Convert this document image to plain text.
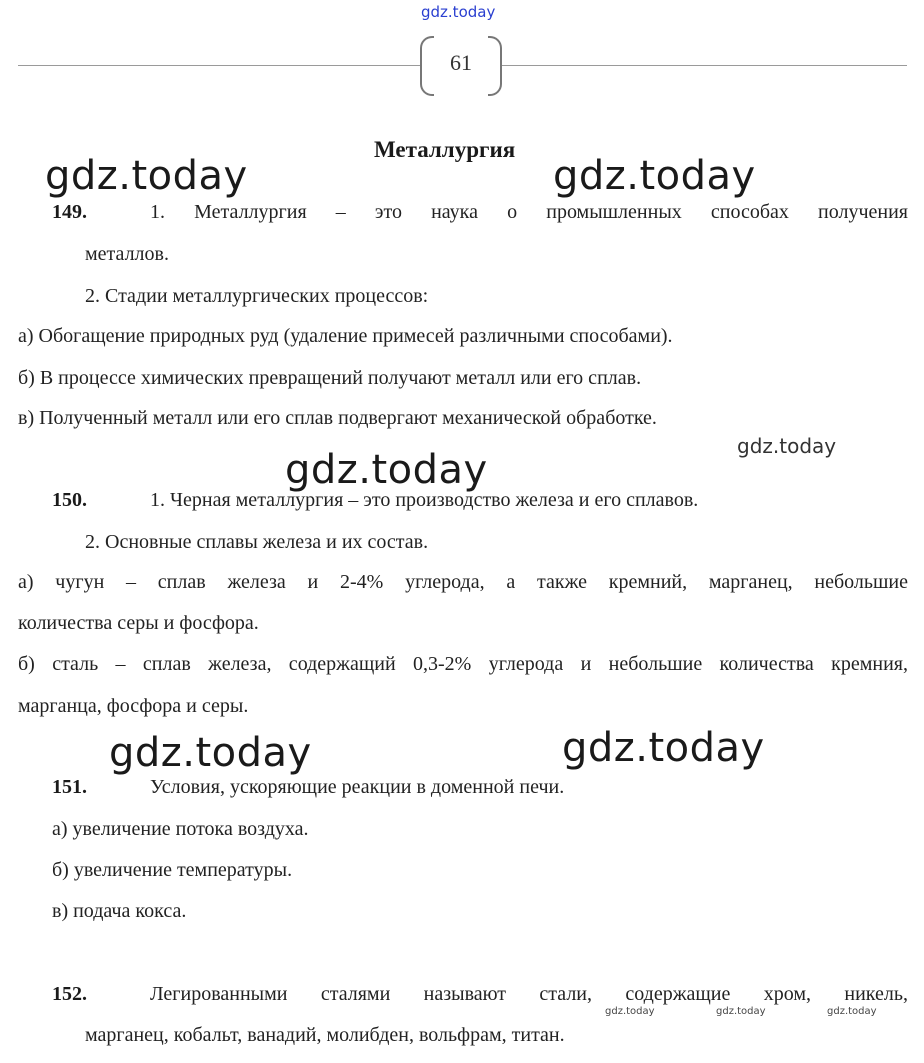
gdz.today
61
Металлургия
149.	1. Металлургия – это наука о промышленных способах получения
металлов.
2. Стадии металлургических процессов:
а) Обогащение природных руд (удаление примесей различными способами).
б) В процессе химических превращений получают металл или его сплав.
в) Полученный металл или его сплав подвергают механической обработке.
150.	1. Черная металлургия – это производство железа и его сплавов.
2. Основные сплавы железа и их состав.
а) чугун – сплав железа и 2-4% углерода, а также кремний, марганец, небольшие
количества серы и фосфора.
б) сталь – сплав железа, содержащий 0,3-2% углерода и небольшие количества кремния,
марганца, фосфора и серы.
151.	Условия, ускоряющие реакции в доменной печи.
а) увеличение потока воздуха.
б) увеличение температуры.
в) подача кокса.
152.	Легированными сталями называют стали, содержащие хром, никель,
марганец, кобальт, ванадий, молибден, вольфрам, титан.
gdz.today	gdz.today
gdz.today
gdz.today
gdz.today	gdz.today
gdz.today	gdz.today	gdz.today
